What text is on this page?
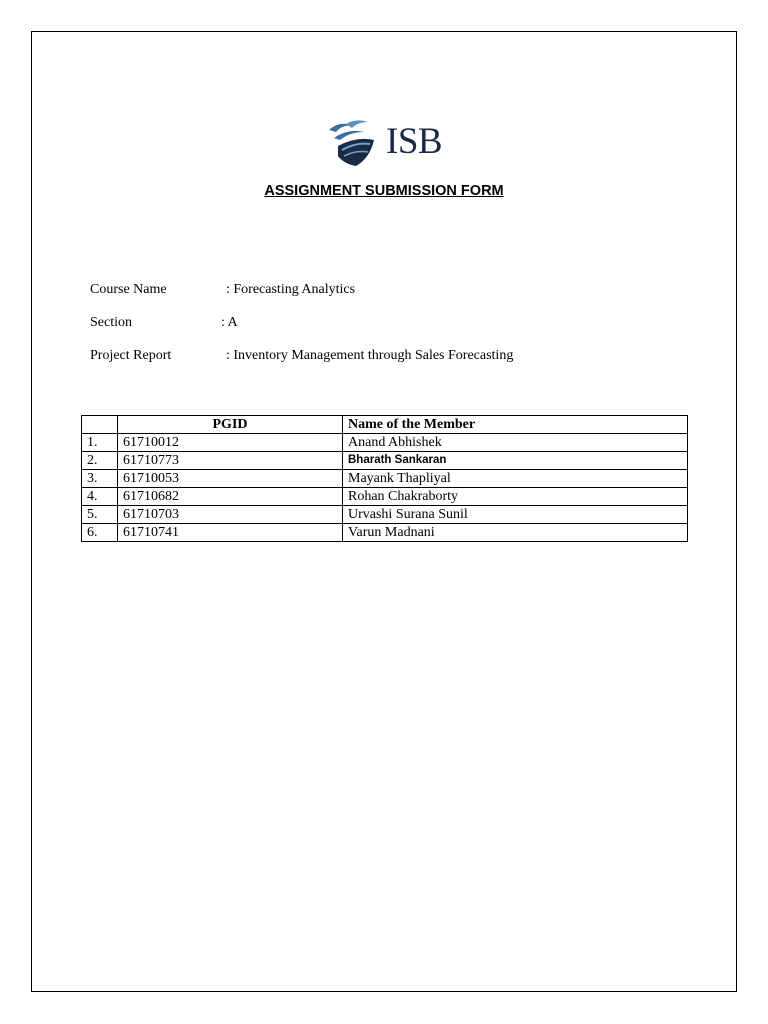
ISB
ASSIGNMENT SUBMISSION FORM
Course Name	: Forecasting Analytics
Section	: A
Project Report	: Inventory Management through Sales Forecasting
	PGID	Name of the Member
1.	61710012	Anand Abhishek
2.	61710773	Bharath Sankaran
3.	61710053	Mayank Thapliyal
4.	61710682	Rohan Chakraborty
5.	61710703	Urvashi Surana Sunil
6.	61710741	Varun Madnani
